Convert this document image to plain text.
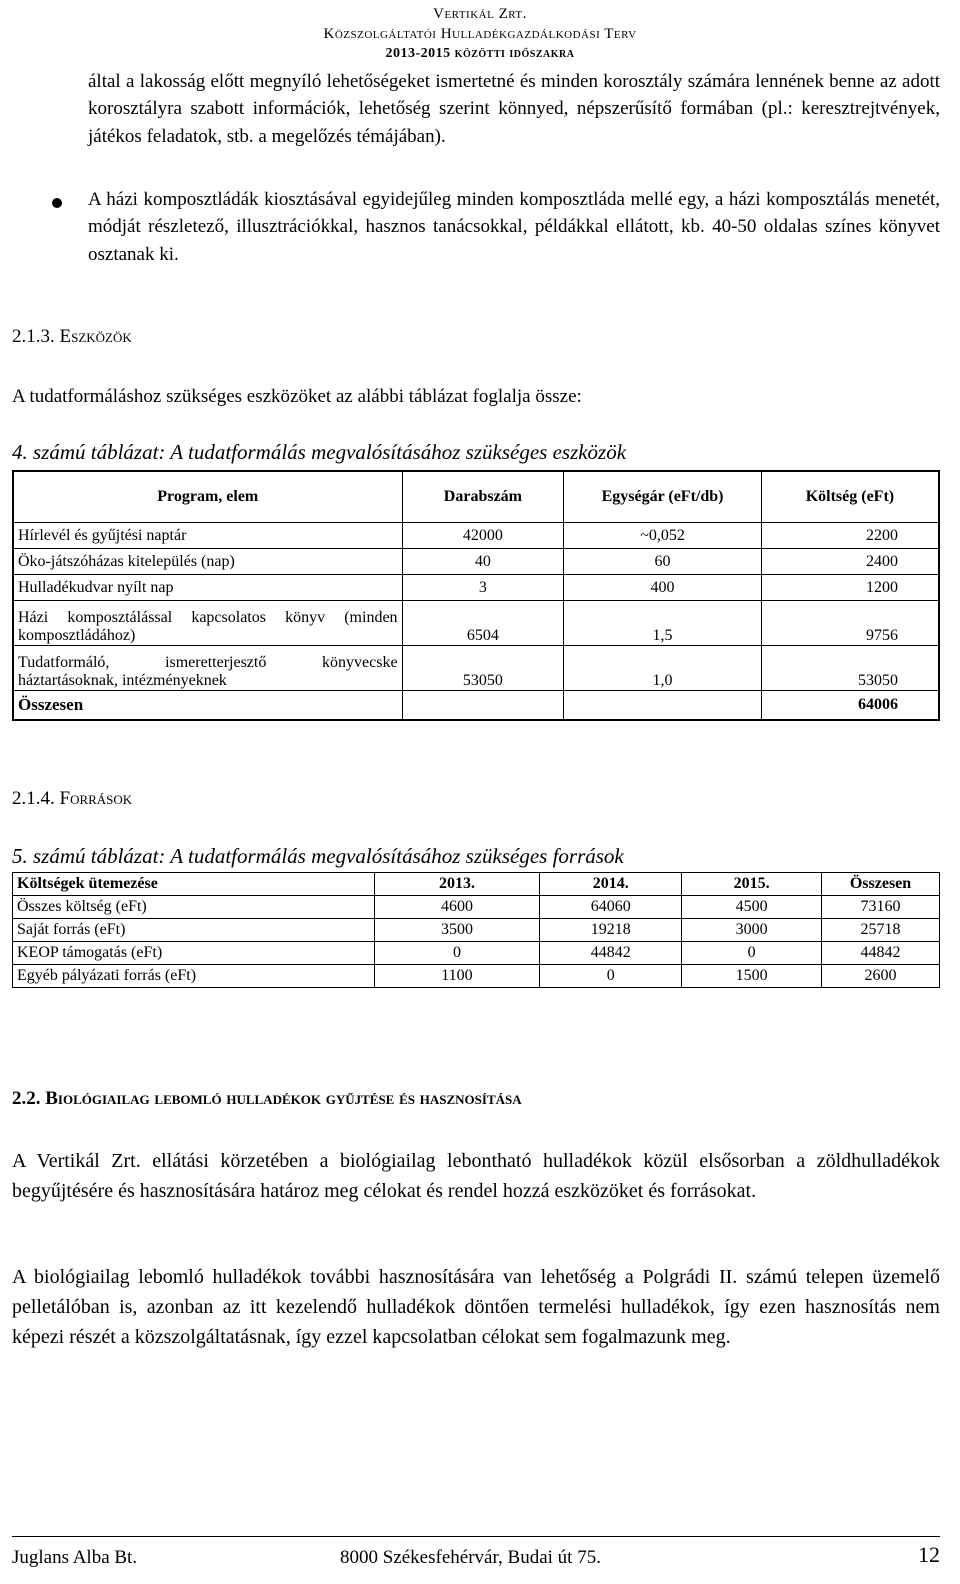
Vertikál Zrt.
Közszolgáltatói Hulladékgazdálkodási Terv
2013-2015 közötti időszakra
által a lakosság előtt megnyíló lehetőségeket ismertetné és minden korosztály számára lennének benne az adott korosztályra szabott információk, lehetőség szerint könnyed, népszerűsítő formában (pl.: keresztrejtvények, játékos feladatok, stb. a megelőzés témájában).
A házi komposztládák kiosztásával egyidejűleg minden komposztláda mellé egy, a házi komposztálás menetét, módját részletező, illusztrációkkal, hasznos tanácsokkal, példákkal ellátott, kb. 40-50 oldalas színes könyvet osztanak ki.
2.1.3. Eszközök
A tudatformáláshoz szükséges eszközöket az alábbi táblázat foglalja össze:
4. számú táblázat: A tudatformálás megvalósításához szükséges eszközök
Program, elem	Darabszám	Egységár (eFt/db)	Költség (eFt)
Hírlevél és gyűjtési naptár	42000	~0,052	2200
Öko-játszóházas kitelepülés (nap)	40	60	2400
Hulladékudvar nyílt nap	3	400	1200
Házi komposztálással kapcsolatos könyv (minden komposztládához)	6504	1,5	9756
Tudatformáló, ismeretterjesztő könyvecske háztartásoknak, intézményeknek	53050	1,0	53050
Összesen			64006
2.1.4. Források
5. számú táblázat: A tudatformálás megvalósításához szükséges források
Költségek ütemezése	2013.	2014.	2015.	Összesen
Összes költség (eFt)	4600	64060	4500	73160
Saját forrás (eFt)	3500	19218	3000	25718
KEOP támogatás (eFt)	0	44842	0	44842
Egyéb pályázati forrás (eFt)	1100	0	1500	2600
2.2. Biológiailag lebomló hulladékok gyűjtése és hasznosítása
A Vertikál Zrt. ellátási körzetében a biológiailag lebontható hulladékok közül elsősorban a zöldhulladékok begyűjtésére és hasznosítására határoz meg célokat és rendel hozzá eszközöket és forrásokat.
A biológiailag lebomló hulladékok további hasznosítására van lehetőség a Polgrádi II. számú telepen üzemelő pelletálóban is, azonban az itt kezelendő hulladékok döntően termelési hulladékok, így ezen hasznosítás nem képezi részét a közszolgáltatásnak, így ezzel kapcsolatban célokat sem fogalmazunk meg.
Juglans Alba Bt.	8000 Székesfehérvár, Budai út 75.	12
